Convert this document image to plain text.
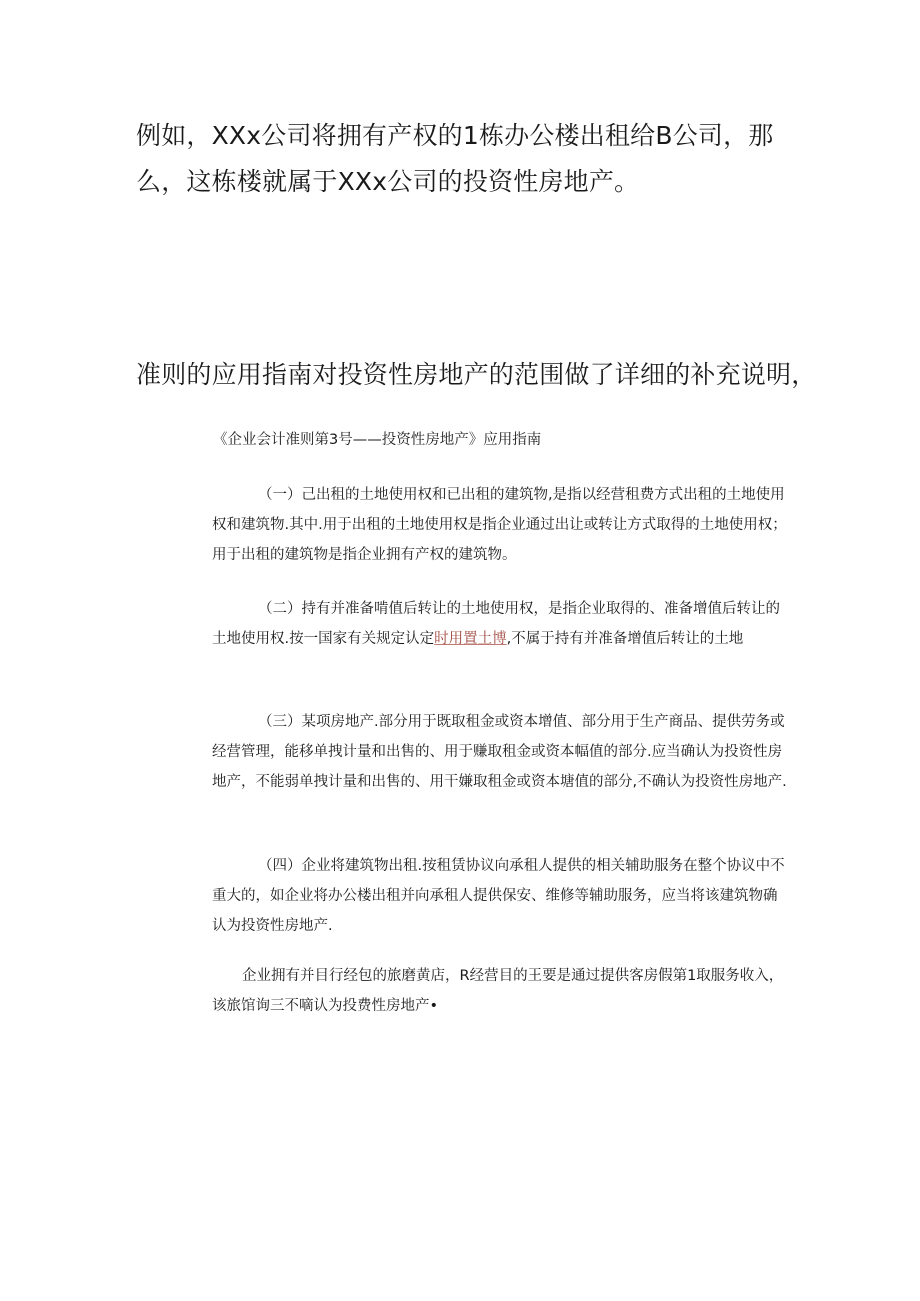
例如，XXx公司将拥有产权的1栋办公楼出租给B公司，那么，这栋楼就属于XXx公司的投资性房地产。

准则的应用指南对投资性房地产的范围做了详细的补充说明，

《企业会计准则第3号——投资性房地产》应用指南

（一）己出租的土地使用权和已出租的建筑物,是指以经营租费方式出租的土地使用权和建筑物.其中.用于出租的土地使用权是指企业通过出让或转让方式取得的土地使用权；用于出租的建筑物是指企业拥有产权的建筑物。

（二）持有并准备啃值后转让的土地使用权，是指企业取得的、准备增值后转让的土地使用权.按一国家有关规定认定时用置土博,不属于持有并准备增值后转让的土地

（三）某项房地产.部分用于既取租金或资本增值、部分用于生产商品、提供劳务或经营管理，能移单拽计量和出售的、用于赚取租金或资本幅值的部分.应当确认为投资性房地产，不能弱单拽计量和出售的、用干嫌取租金或资本塘值的部分,不确认为投资性房地产.

（四）企业将建筑物出租.按租赁协议向承租人提供的相关辅助服务在整个协议中不重大的，如企业将办公楼出租并向承租人提供保安、维修等辅助服务，应当将该建筑物确认为投资性房地产.

企业拥有并目行经包的旅磨黄店，R经营目的王要是通过提供客房假第1取服务收入，该旅馆询三不嘀认为投费性房地产•
